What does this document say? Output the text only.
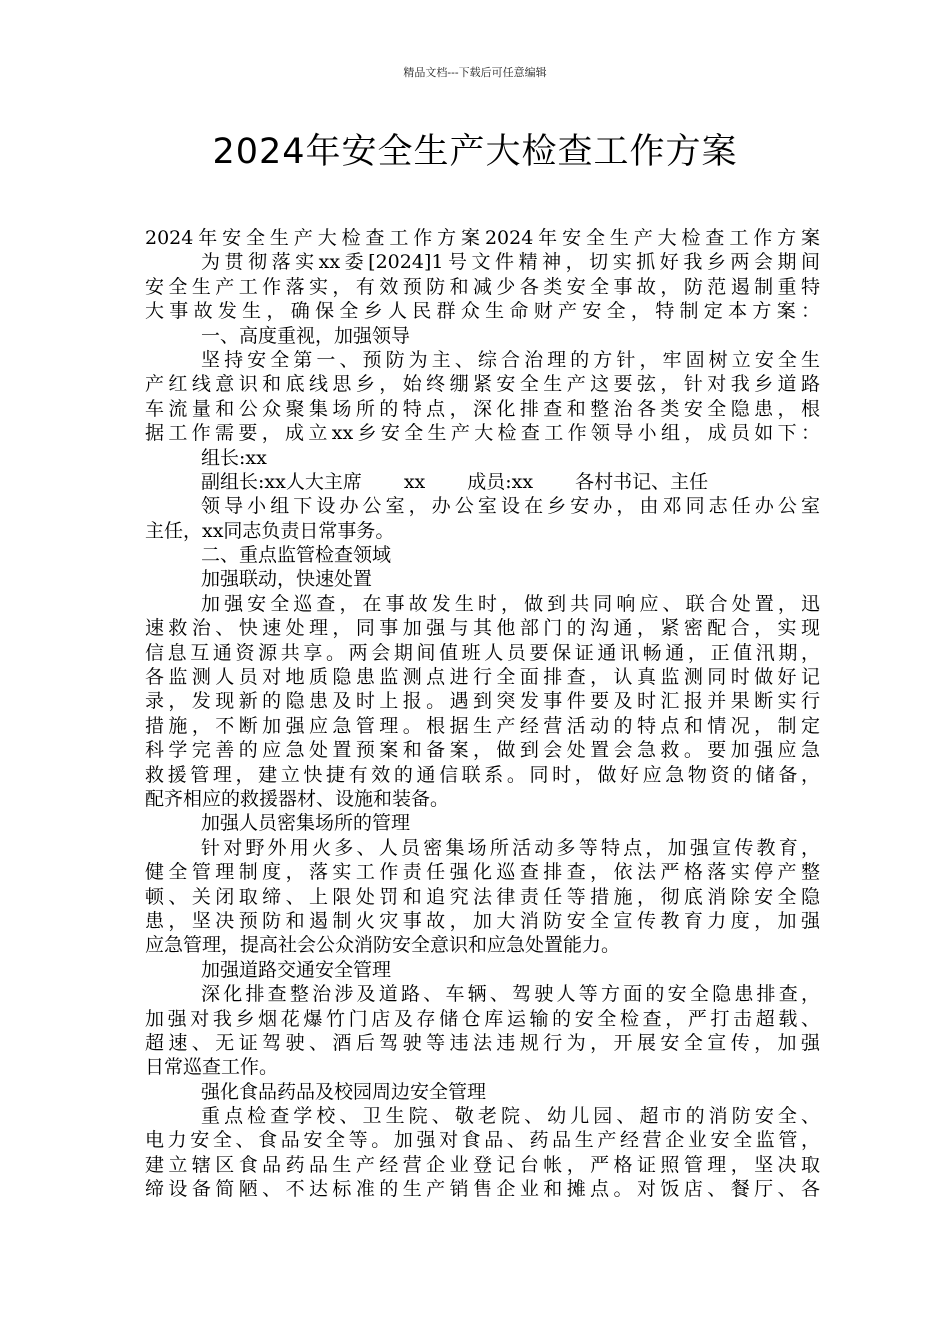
精品文档---下载后可任意编辑
2024年安全生产大检查工作方案
2024年安全生产大检查工作方案2024年安全生产大检查工作方案
为贯彻落实xx委[2024]1号文件精神，切实抓好我乡两会期间
安全生产工作落实，有效预防和减少各类安全事故，防范遏制重特
大事故发生，确保全乡人民群众生命财产安全，特制定本方案：
一、高度重视，加强领导
坚持安全第一、预防为主、综合治理的方针，牢固树立安全生
产红线意识和底线思乡，始终绷紧安全生产这要弦，针对我乡道路
车流量和公众聚集场所的特点，深化排查和整治各类安全隐患，根
据工作需要，成立xx乡安全生产大检查工作领导小组，成员如下：
组长:xx
副组长:xx人大主席 xx 成员:xx 各村书记、主任
领导小组下设办公室，办公室设在乡安办，由邓同志任办公室
主任，xx同志负责日常事务。
二、重点监管检查领域
加强联动，快速处置
加强安全巡查，在事故发生时，做到共同响应、联合处置，迅
速救治、快速处理，同事加强与其他部门的沟通，紧密配合，实现
信息互通资源共享。两会期间值班人员要保证通讯畅通，正值汛期，
各监测人员对地质隐患监测点进行全面排查，认真监测同时做好记
录，发现新的隐患及时上报。遇到突发事件要及时汇报并果断实行
措施，不断加强应急管理。根据生产经营活动的特点和情况，制定
科学完善的应急处置预案和备案，做到会处置会急救。要加强应急
救援管理，建立快捷有效的通信联系。同时，做好应急物资的储备，
配齐相应的救援器材、设施和装备。
加强人员密集场所的管理
针对野外用火多、人员密集场所活动多等特点，加强宣传教育，
健全管理制度，落实工作责任强化巡查排查，依法严格落实停产整
顿、关闭取缔、上限处罚和追究法律责任等措施，彻底消除安全隐
患，坚决预防和遏制火灾事故，加大消防安全宣传教育力度，加强
应急管理，提高社会公众消防安全意识和应急处置能力。
加强道路交通安全管理
深化排查整治涉及道路、车辆、驾驶人等方面的安全隐患排查，
加强对我乡烟花爆竹门店及存储仓库运输的安全检查，严打击超载、
超速、无证驾驶、酒后驾驶等违法违规行为，开展安全宣传，加强
日常巡查工作。
强化食品药品及校园周边安全管理
重点检查学校、卫生院、敬老院、幼儿园、超市的消防安全、
电力安全、食品安全等。加强对食品、药品生产经营企业安全监管，
建立辖区食品药品生产经营企业登记台帐，严格证照管理，坚决取
缔设备简陋、不达标准的生产销售企业和摊点。对饭店、餐厅、各
